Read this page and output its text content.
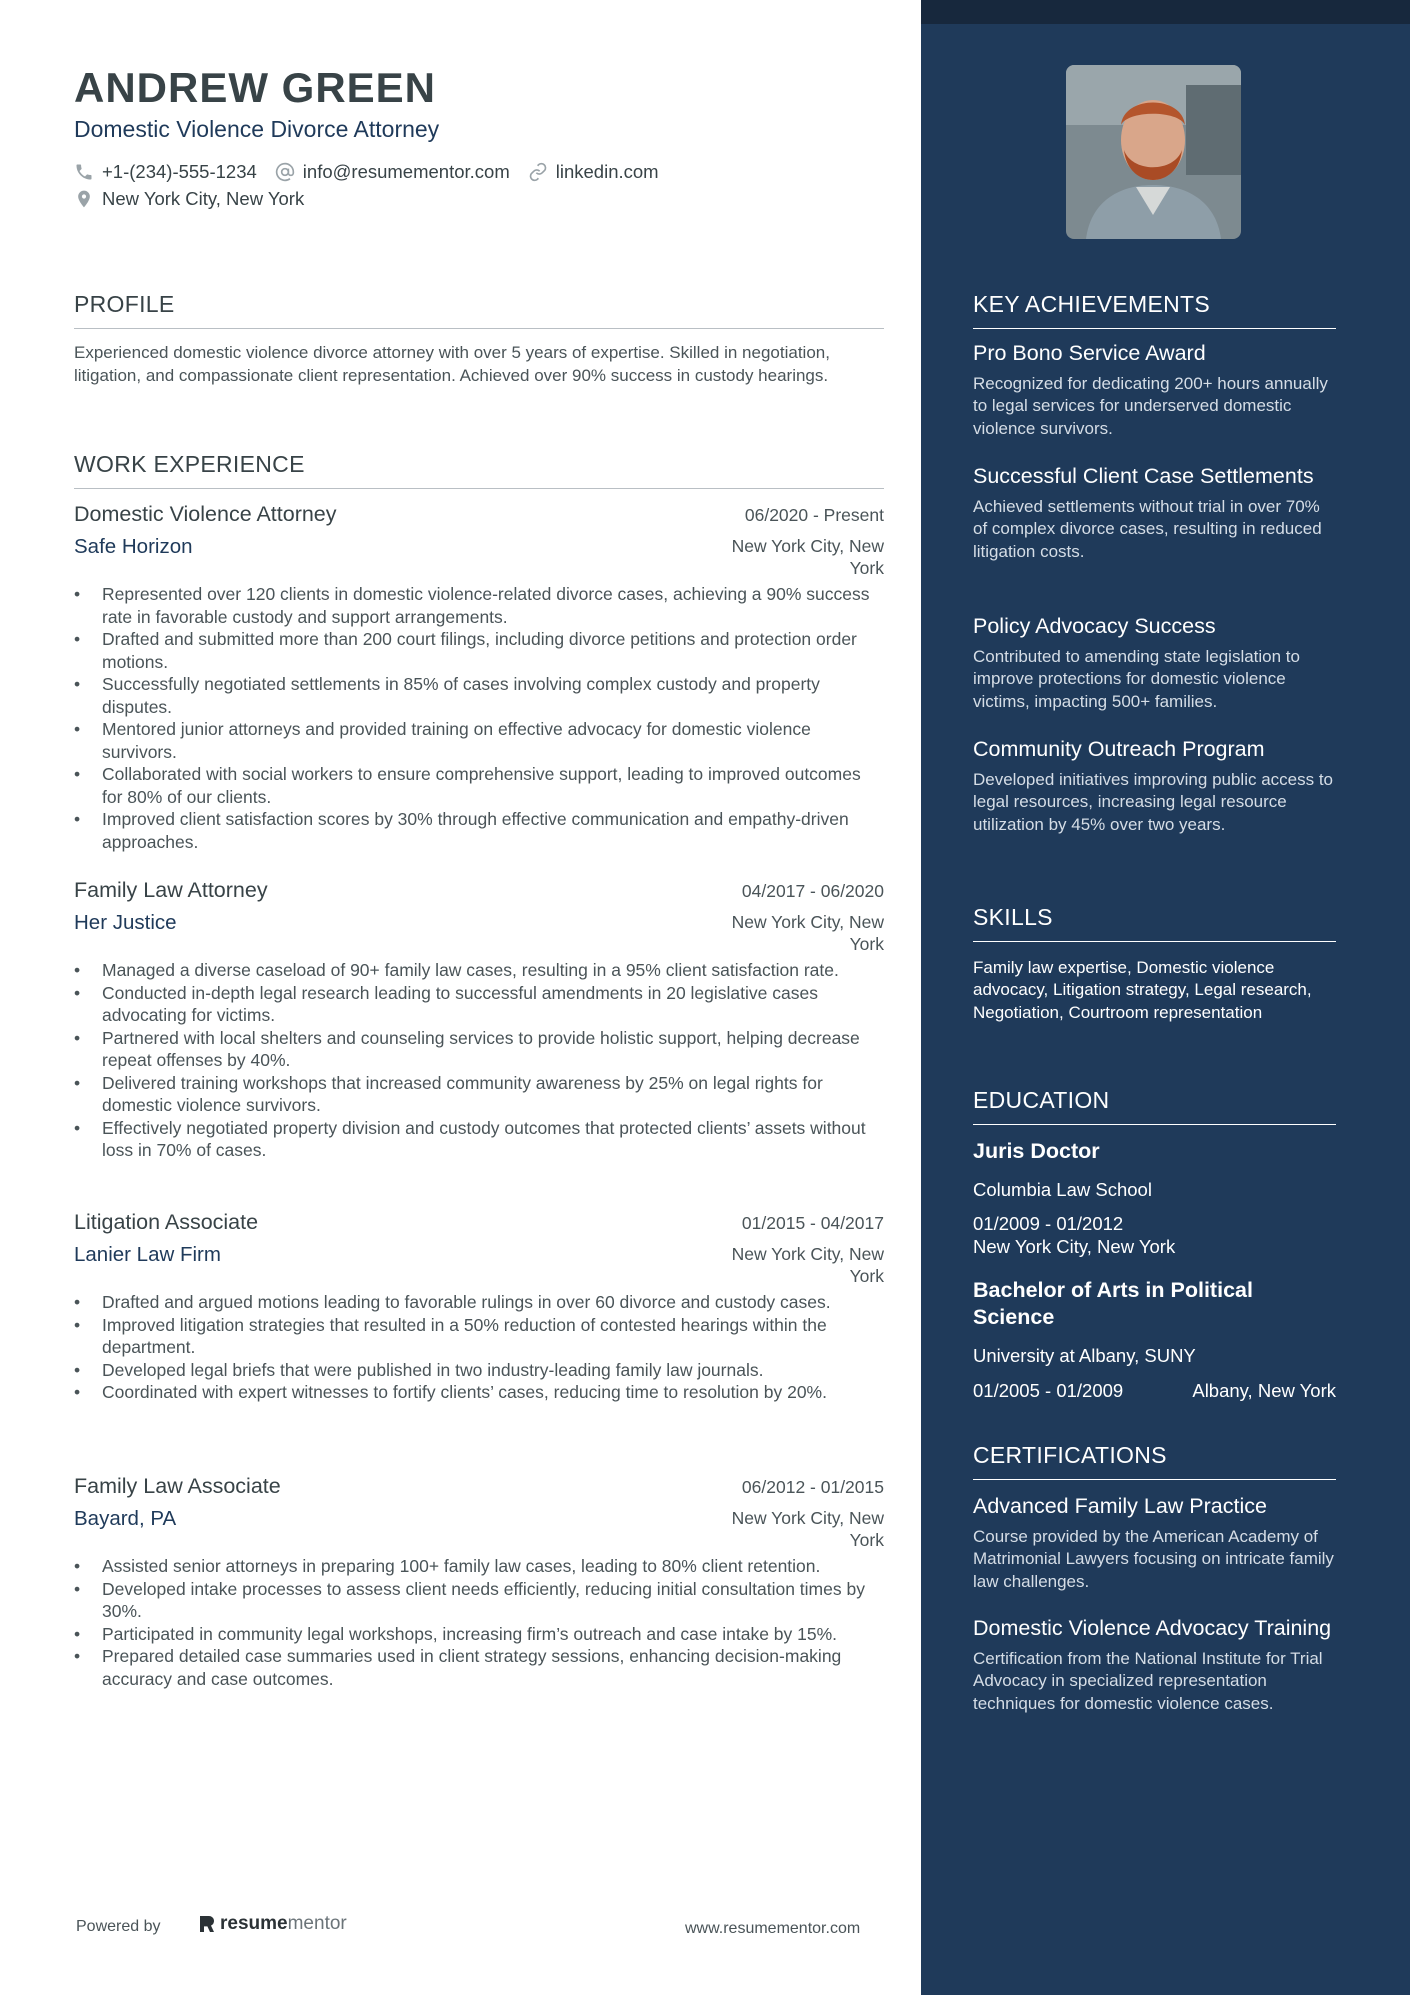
ANDREW GREEN
Domestic Violence Divorce Attorney
+1-(234)-555-1234 info@resumementor.com linkedin.com
New York City, New York
PROFILE
Experienced domestic violence divorce attorney with over 5 years of expertise. Skilled in negotiation, litigation, and compassionate client representation. Achieved over 90% success in custody hearings.
WORK EXPERIENCE
Domestic Violence Attorney	06/2020 - Present
Safe Horizon	New York City, New York
• Represented over 120 clients in domestic violence-related divorce cases, achieving a 90% success rate in favorable custody and support arrangements.
• Drafted and submitted more than 200 court filings, including divorce petitions and protection order motions.
• Successfully negotiated settlements in 85% of cases involving complex custody and property disputes.
• Mentored junior attorneys and provided training on effective advocacy for domestic violence survivors.
• Collaborated with social workers to ensure comprehensive support, leading to improved outcomes for 80% of our clients.
• Improved client satisfaction scores by 30% through effective communication and empathy-driven approaches.
Family Law Attorney	04/2017 - 06/2020
Her Justice	New York City, New York
• Managed a diverse caseload of 90+ family law cases, resulting in a 95% client satisfaction rate.
• Conducted in-depth legal research leading to successful amendments in 20 legislative cases advocating for victims.
• Partnered with local shelters and counseling services to provide holistic support, helping decrease repeat offenses by 40%.
• Delivered training workshops that increased community awareness by 25% on legal rights for domestic violence survivors.
• Effectively negotiated property division and custody outcomes that protected clients’ assets without loss in 70% of cases.
Litigation Associate	01/2015 - 04/2017
Lanier Law Firm	New York City, New York
• Drafted and argued motions leading to favorable rulings in over 60 divorce and custody cases.
• Improved litigation strategies that resulted in a 50% reduction of contested hearings within the department.
• Developed legal briefs that were published in two industry-leading family law journals.
• Coordinated with expert witnesses to fortify clients’ cases, reducing time to resolution by 20%.
Family Law Associate	06/2012 - 01/2015
Bayard, PA	New York City, New York
• Assisted senior attorneys in preparing 100+ family law cases, leading to 80% client retention.
• Developed intake processes to assess client needs efficiently, reducing initial consultation times by 30%.
• Participated in community legal workshops, increasing firm’s outreach and case intake by 15%.
• Prepared detailed case summaries used in client strategy sessions, enhancing decision-making accuracy and case outcomes.
Powered by	resume mentor	www.resumementor.com
KEY ACHIEVEMENTS
Pro Bono Service Award
Recognized for dedicating 200+ hours annually to legal services for underserved domestic violence survivors.
Successful Client Case Settlements
Achieved settlements without trial in over 70% of complex divorce cases, resulting in reduced litigation costs.
Policy Advocacy Success
Contributed to amending state legislation to improve protections for domestic violence victims, impacting 500+ families.
Community Outreach Program
Developed initiatives improving public access to legal resources, increasing legal resource utilization by 45% over two years.
SKILLS
Family law expertise, Domestic violence advocacy, Litigation strategy, Legal research, Negotiation, Courtroom representation
EDUCATION
Juris Doctor
Columbia Law School
01/2009 - 01/2012
New York City, New York
Bachelor of Arts in Political Science
University at Albany, SUNY
01/2005 - 01/2009	Albany, New York
CERTIFICATIONS
Advanced Family Law Practice
Course provided by the American Academy of Matrimonial Lawyers focusing on intricate family law challenges.
Domestic Violence Advocacy Training
Certification from the National Institute for Trial Advocacy in specialized representation techniques for domestic violence cases.
